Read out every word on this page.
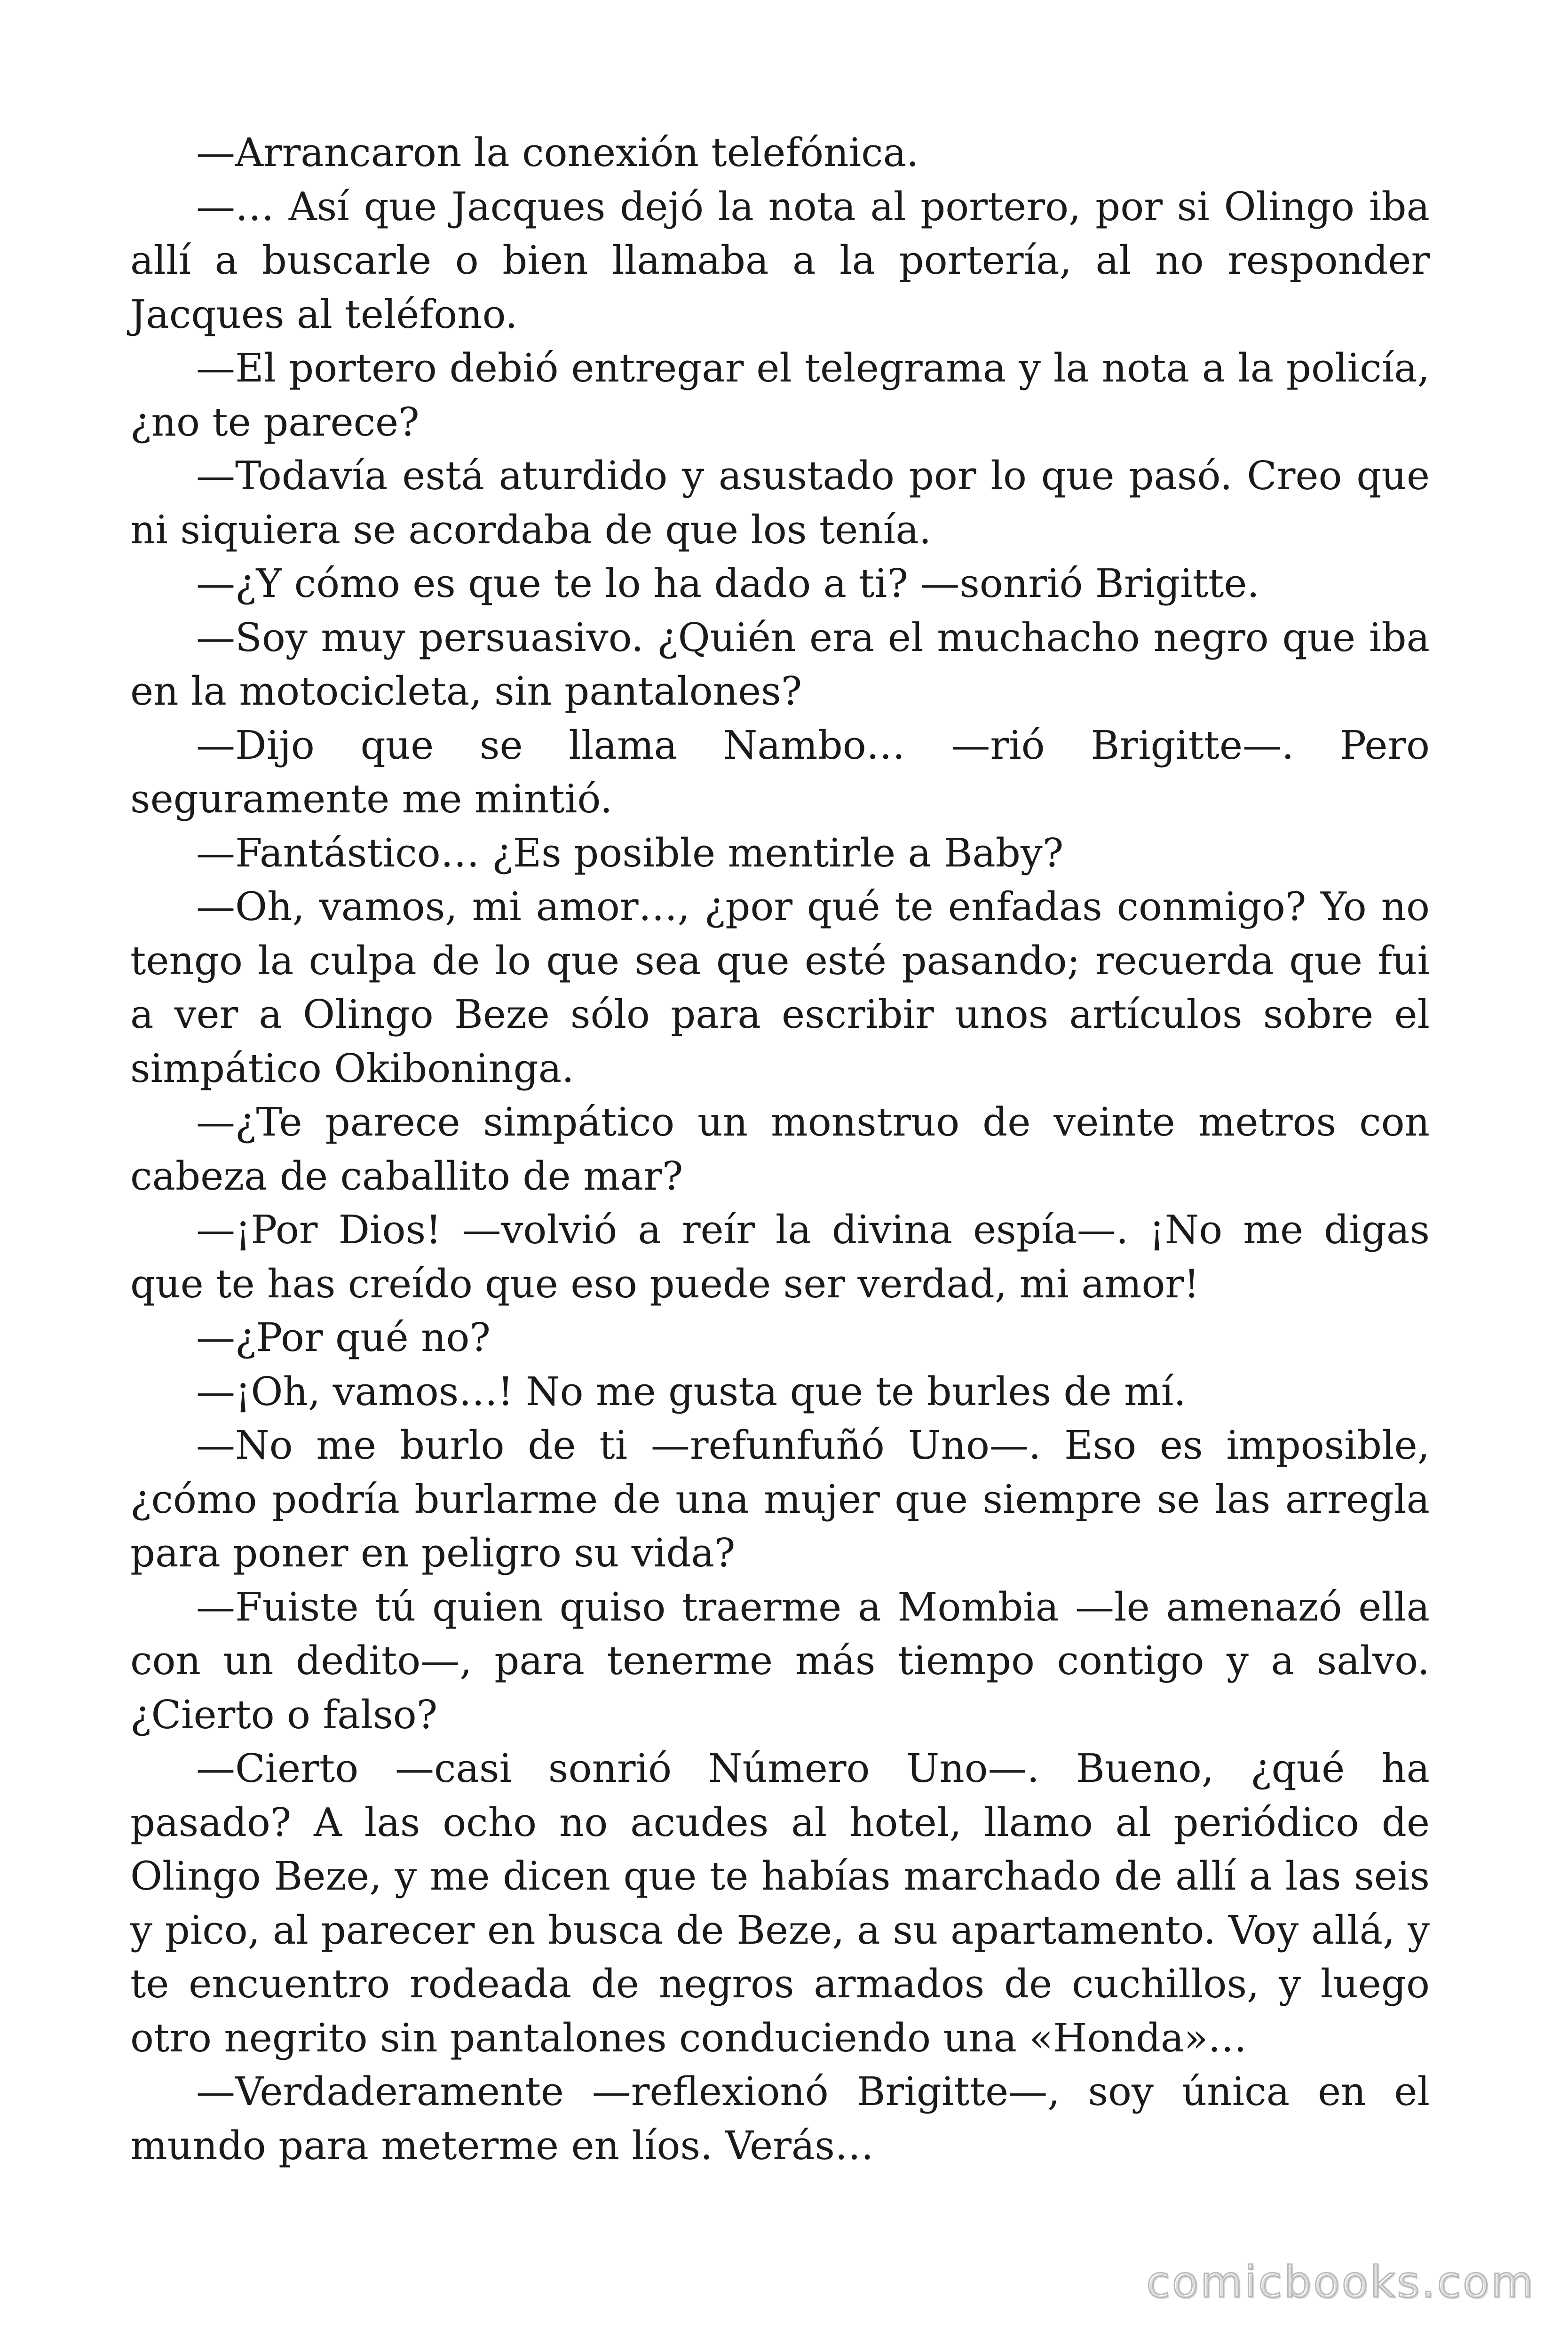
—Arrancaron la conexión telefónica.

—… Así que Jacques dejó la nota al portero, por si Olingo iba allí a buscarle o bien llamaba a la portería, al no responder Jacques al teléfono.

—El portero debió entregar el telegrama y la nota a la policía, ¿no te parece?

—Todavía está aturdido y asustado por lo que pasó. Creo que ni siquiera se acordaba de que los tenía.

—¿Y cómo es que te lo ha dado a ti? —sonrió Brigitte.

—Soy muy persuasivo. ¿Quién era el muchacho negro que iba en la motocicleta, sin pantalones?

—Dijo que se llama Nambo… —rió Brigitte—. Pero seguramente me mintió.

—Fantástico… ¿Es posible mentirle a Baby?

—Oh, vamos, mi amor…, ¿por qué te enfadas conmigo? Yo no tengo la culpa de lo que sea que esté pasando; recuerda que fui a ver a Olingo Beze sólo para escribir unos artículos sobre el simpático Okiboninga.

—¿Te parece simpático un monstruo de veinte metros con cabeza de caballito de mar?

—¡Por Dios! —volvió a reír la divina espía—. ¡No me digas que te has creído que eso puede ser verdad, mi amor!

—¿Por qué no?

—¡Oh, vamos…! No me gusta que te burles de mí.

—No me burlo de ti —refunfuñó Uno—. Eso es imposible, ¿cómo podría burlarme de una mujer que siempre se las arregla para poner en peligro su vida?

—Fuiste tú quien quiso traerme a Mombia —le amenazó ella con un dedito—, para tenerme más tiempo contigo y a salvo. ¿Cierto o falso?

—Cierto —casi sonrió Número Uno—. Bueno, ¿qué ha pasado? A las ocho no acudes al hotel, llamo al periódico de Olingo Beze, y me dicen que te habías marchado de allí a las seis y pico, al parecer en busca de Beze, a su apartamento. Voy allá, y te encuentro rodeada de negros armados de cuchillos, y luego otro negrito sin pantalones conduciendo una «Honda»…

—Verdaderamente —reflexionó Brigitte—, soy única en el mundo para meterme en líos. Verás…

comicbooks.com
